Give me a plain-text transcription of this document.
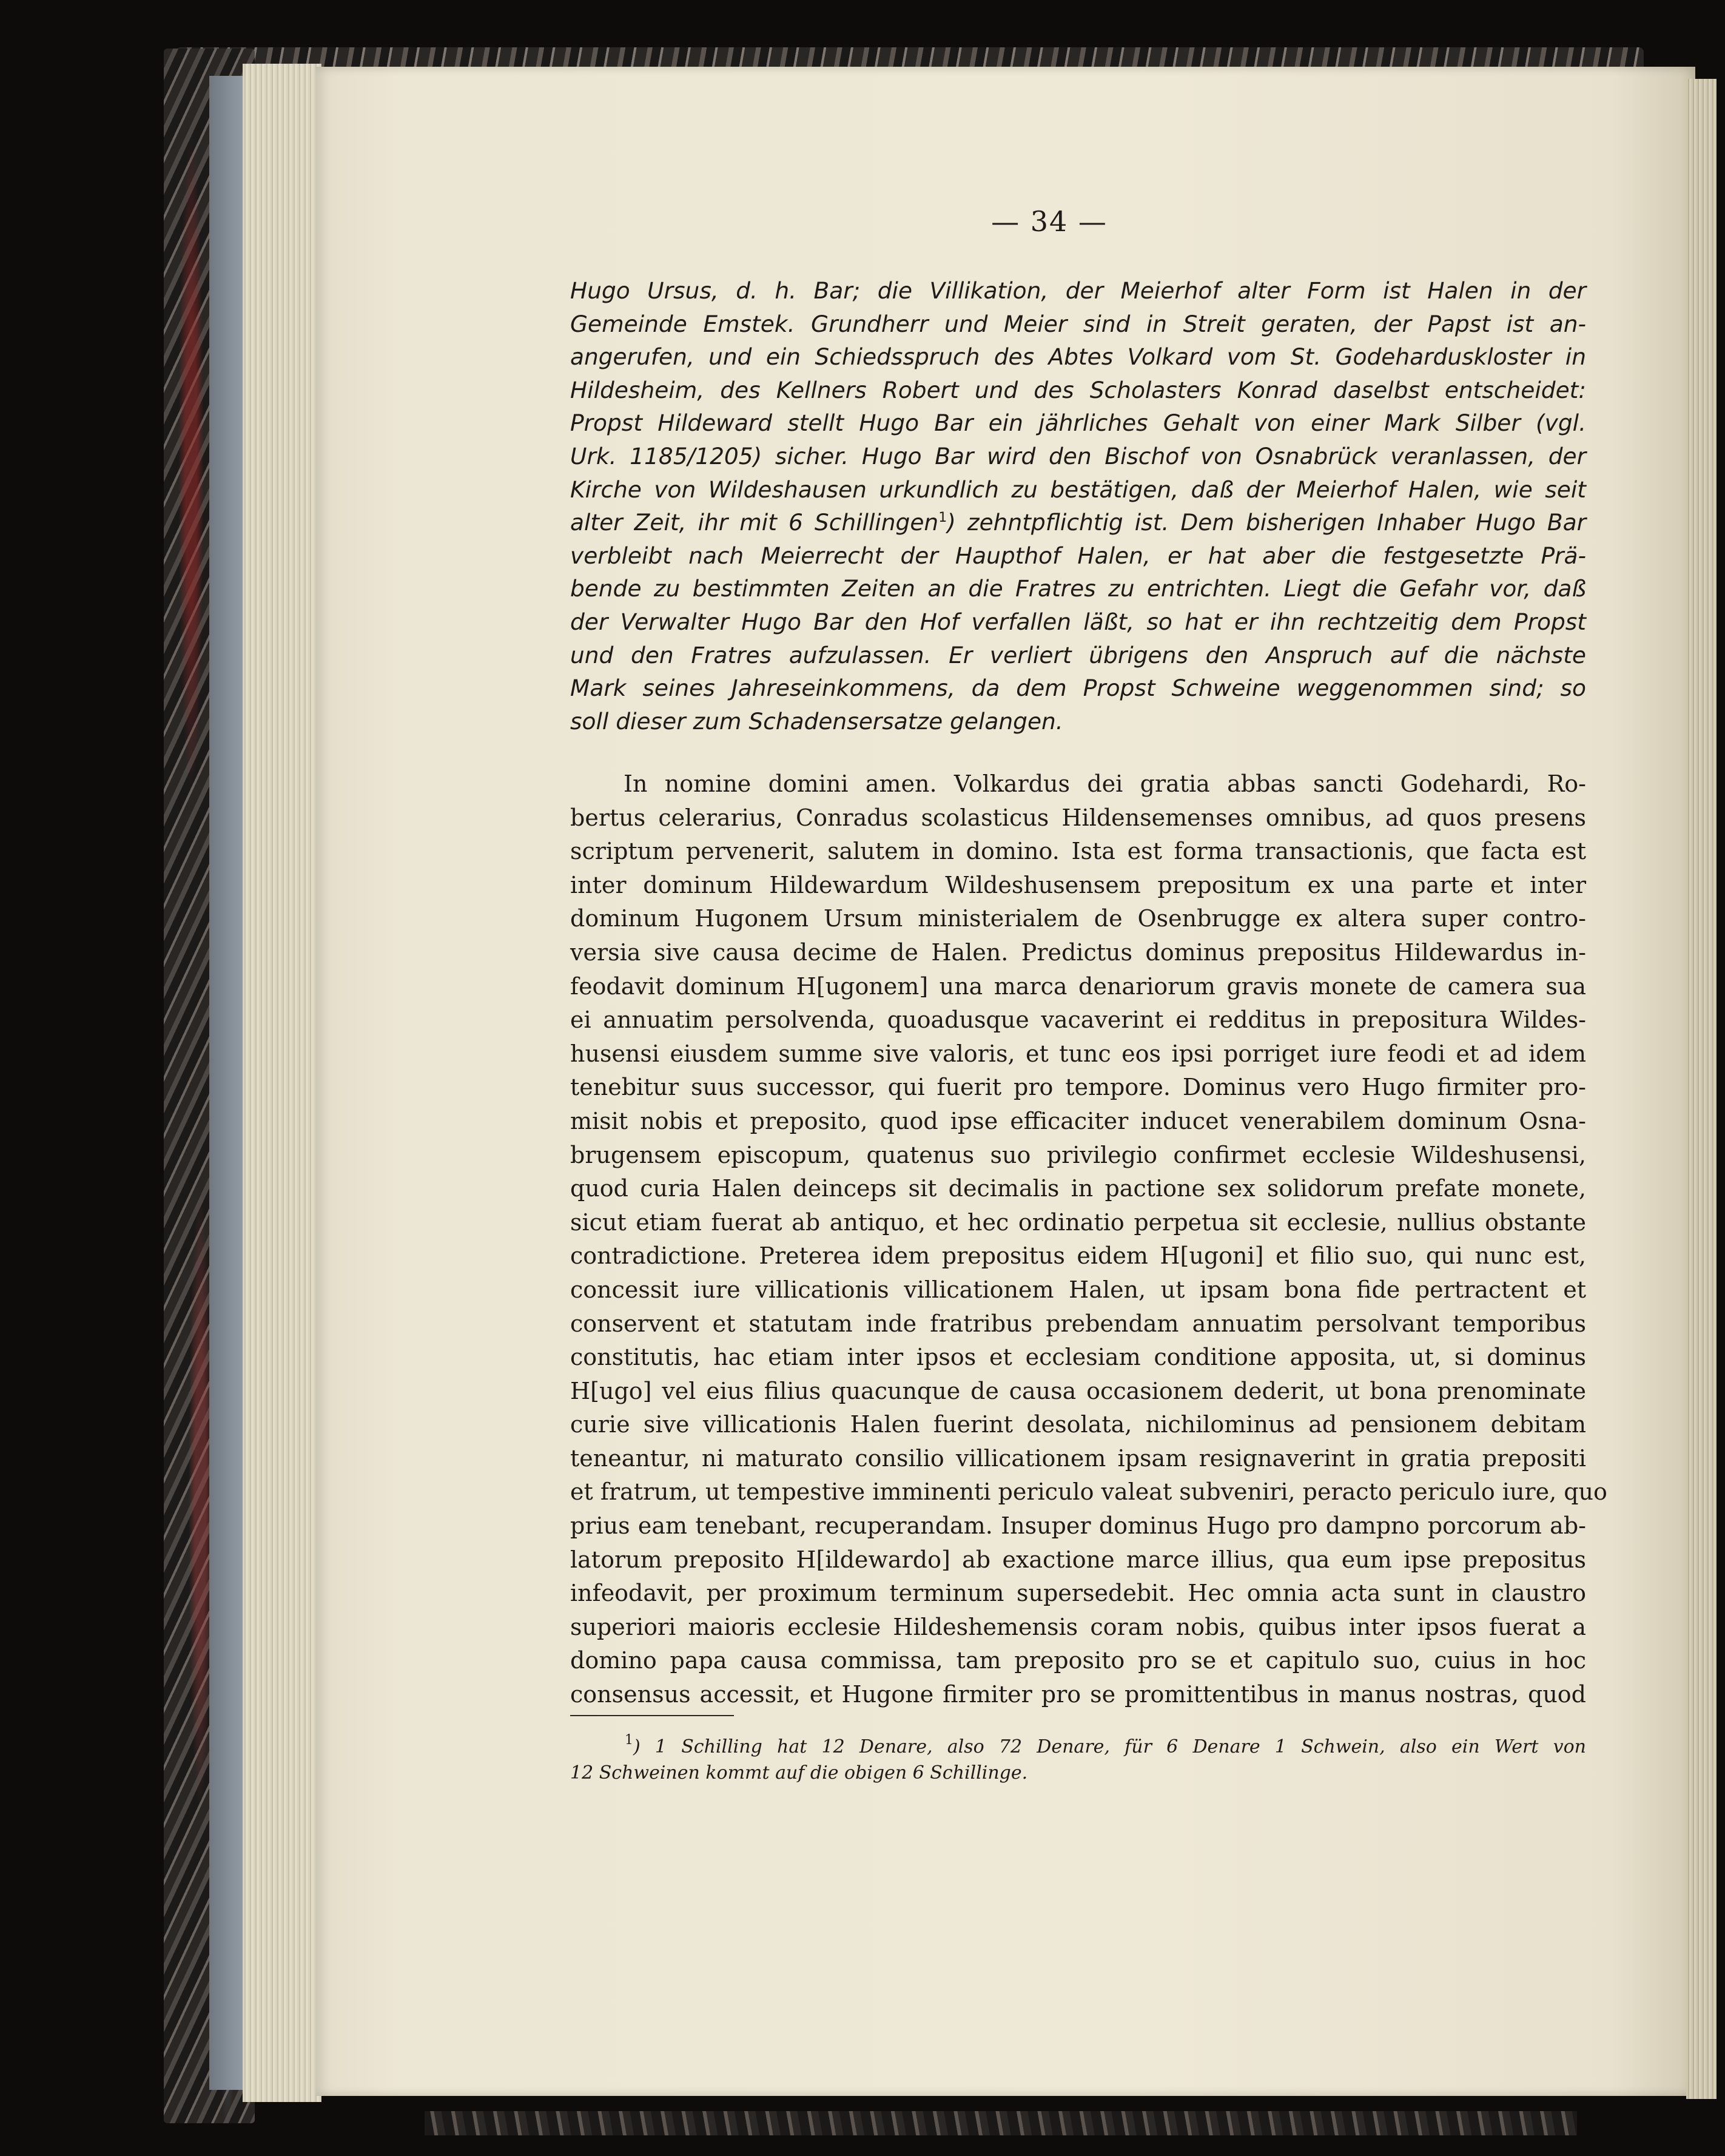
— 34 —
Hugo Ursus, d. h. Bar; die Villikation, der Meierhof alter Form ist Halen in der
Gemeinde Emstek. Grundherr und Meier sind in Streit geraten, der Papst ist an-
angerufen, und ein Schiedsspruch des Abtes Volkard vom St. Godeharduskloster in
Hildesheim, des Kellners Robert und des Scholasters Konrad daselbst entscheidet:
Propst Hildeward stellt Hugo Bar ein jährliches Gehalt von einer Mark Silber (vgl.
Urk. 1185/1205) sicher. Hugo Bar wird den Bischof von Osnabrück veranlassen, der
Kirche von Wildeshausen urkundlich zu bestätigen, daß der Meierhof Halen, wie seit
alter Zeit, ihr mit 6 Schillingen$^1$) zehntpflichtig ist. Dem bisherigen Inhaber Hugo Bar
verbleibt nach Meierrecht der Haupthof Halen, er hat aber die festgesetzte Prä-
bende zu bestimmten Zeiten an die Fratres zu entrichten. Liegt die Gefahr vor, daß
der Verwalter Hugo Bar den Hof verfallen läßt, so hat er ihn rechtzeitig dem Propst
und den Fratres aufzulassen. Er verliert übrigens den Anspruch auf die nächste
Mark seines Jahreseinkommens, da dem Propst Schweine weggenommen sind; so
soll dieser zum Schadensersatze gelangen.
In nomine domini amen. Volkardus dei gratia abbas sancti Godehardi, Ro-
bertus celerarius, Conradus scolasticus Hildensemenses omnibus, ad quos presens
scriptum pervenerit, salutem in domino. Ista est forma transactionis, que facta est
inter dominum Hildewardum Wildeshusensem prepositum ex una parte et inter
dominum Hugonem Ursum ministerialem de Osenbrugge ex altera super contro-
versia sive causa decime de Halen. Predictus dominus prepositus Hildewardus in-
feodavit dominum H[ugonem] una marca denariorum gravis monete de camera sua
ei annuatim persolvenda, quoadusque vacaverint ei redditus in prepositura Wildes-
husensi eiusdem summe sive valoris, et tunc eos ipsi porriget iure feodi et ad idem
tenebitur suus successor, qui fuerit pro tempore. Dominus vero Hugo firmiter pro-
misit nobis et preposito, quod ipse efficaciter inducet venerabilem dominum Osna-
brugensem episcopum, quatenus suo privilegio confirmet ecclesie Wildeshusensi,
quod curia Halen deinceps sit decimalis in pactione sex solidorum prefate monete,
sicut etiam fuerat ab antiquo, et hec ordinatio perpetua sit ecclesie, nullius obstante
contradictione. Preterea idem prepositus eidem H[ugoni] et filio suo, qui nunc est,
concessit iure villicationis villicationem Halen, ut ipsam bona fide pertractent et
conservent et statutam inde fratribus prebendam annuatim persolvant temporibus
constitutis, hac etiam inter ipsos et ecclesiam conditione apposita, ut, si dominus
H[ugo] vel eius filius quacunque de causa occasionem dederit, ut bona prenominate
curie sive villicationis Halen fuerint desolata, nichilominus ad pensionem debitam
teneantur, ni maturato consilio villicationem ipsam resignaverint in gratia prepositi
et fratrum, ut tempestive imminenti periculo valeat subveniri, peracto periculo iure, quo
prius eam tenebant, recuperandam. Insuper dominus Hugo pro dampno porcorum ab-
latorum preposito H[ildewardo] ab exactione marce illius, qua eum ipse prepositus
infeodavit, per proximum terminum supersedebit. Hec omnia acta sunt in claustro
superiori maioris ecclesie Hildeshemensis coram nobis, quibus inter ipsos fuerat a
domino papa causa commissa, tam preposito pro se et capitulo suo, cuius in hoc
consensus accessit, et Hugone firmiter pro se promittentibus in manus nostras, quod
$^1$) 1 Schilling hat 12 Denare, also 72 Denare, für 6 Denare 1 Schwein, also ein Wert von
12 Schweinen kommt auf die obigen 6 Schillinge.
